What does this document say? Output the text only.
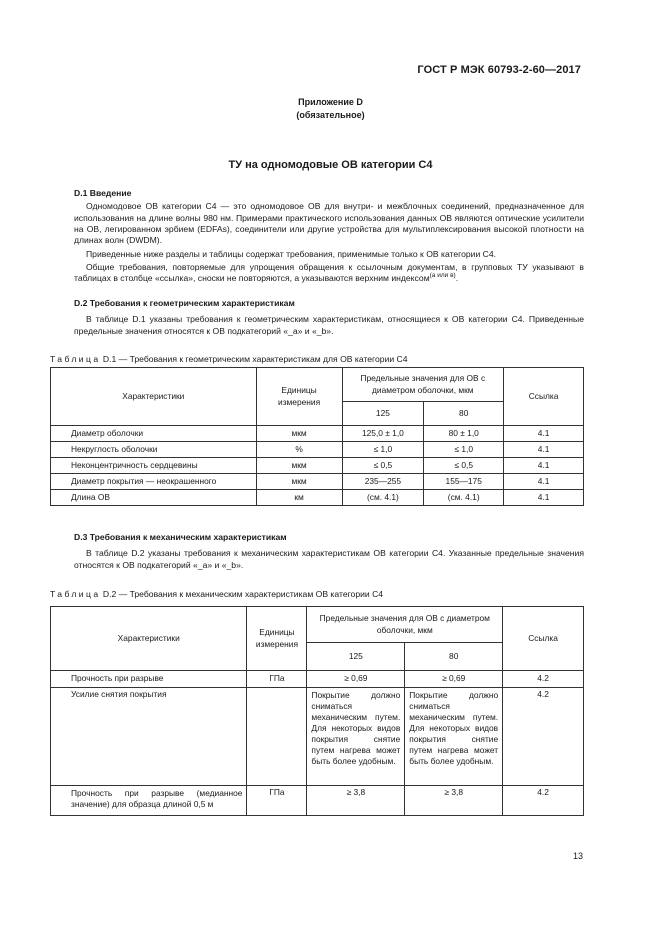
ГОСТ Р МЭК 60793-2-60—2017
Приложение D
(обязательное)
ТУ на одномодовые ОВ категории С4

D.1 Введение

Одномодовое ОВ категории С4 — это одномодовое ОВ для внутри- и межблочных соединений, предназначенное для использования на длине волны 980 нм. Примерами практического использования данных ОВ являются оптические усилители на ОВ, легированном эрбием (EDFAs), соединители или другие устройства для мультиплексирования высокой плотности на длинах волн (DWDM).

Приведенные ниже разделы и таблицы содержат требования, применимые только к ОВ категории С4.

Общие требования, повторяемые для упрощения обращения к ссылочным документам, в групповых ТУ указывают в таблицах в столбце «ссылка», сноски не повторяются, а указываются верхним индексом$^{(а или в)}$.

D.2 Требования к геометрическим характеристикам

В таблице D.1 указаны требования к геометрическим характеристикам, относящиеся к ОВ категории С4. Приведенные предельные значения относятся к ОВ подкатегорий «_a» и «_b».

Таблица D.1 — Требования к геометрическим характеристикам для ОВ категории С4
Характеристики	Единицы измерения	Предельные значения для ОВ с диаметром оболочки, мкм		Ссылка
		125	80	
Диаметр оболочки	мкм	125,0 ± 1,0	80 ± 1,0	4.1
Некруглость оболочки	%	≤ 1,0	≤ 1,0	4.1
Неконцентричность сердцевины	мкм	≤ 0,5	≤ 0,5	4.1
Диаметр покрытия — неокрашенного	мкм	235—255	155—175	4.1
Длина ОВ	км	(см. 4.1)	(см. 4.1)	4.1

D.3 Требования к механическим характеристикам

В таблице D.2 указаны требования к механическим характеристикам ОВ категории С4. Указанные предельные значения относятся к ОВ подкатегорий «_a» и «_b».

Таблица D.2 — Требования к механическим характеристикам ОВ категории С4
Характеристики	Единицы измерения	Предельные значения для ОВ с диаметром оболочки, мкм		Ссылка
		125	80	
Прочность при разрыве	ГПа	≥ 0,69	≥ 0,69	4.2
Усилие снятия покрытия		Покрытие должно сниматься механическим путем. Для некоторых видов покрытия снятие путем нагрева может быть более удобным.	Покрытие должно сниматься механическим путем. Для некоторых видов покрытия снятие путем нагрева может быть более удобным.	4.2
Прочность при разрыве (медианное значение) для образца длиной 0,5 м	ГПа	≥ 3,8	≥ 3,8	4.2
13
